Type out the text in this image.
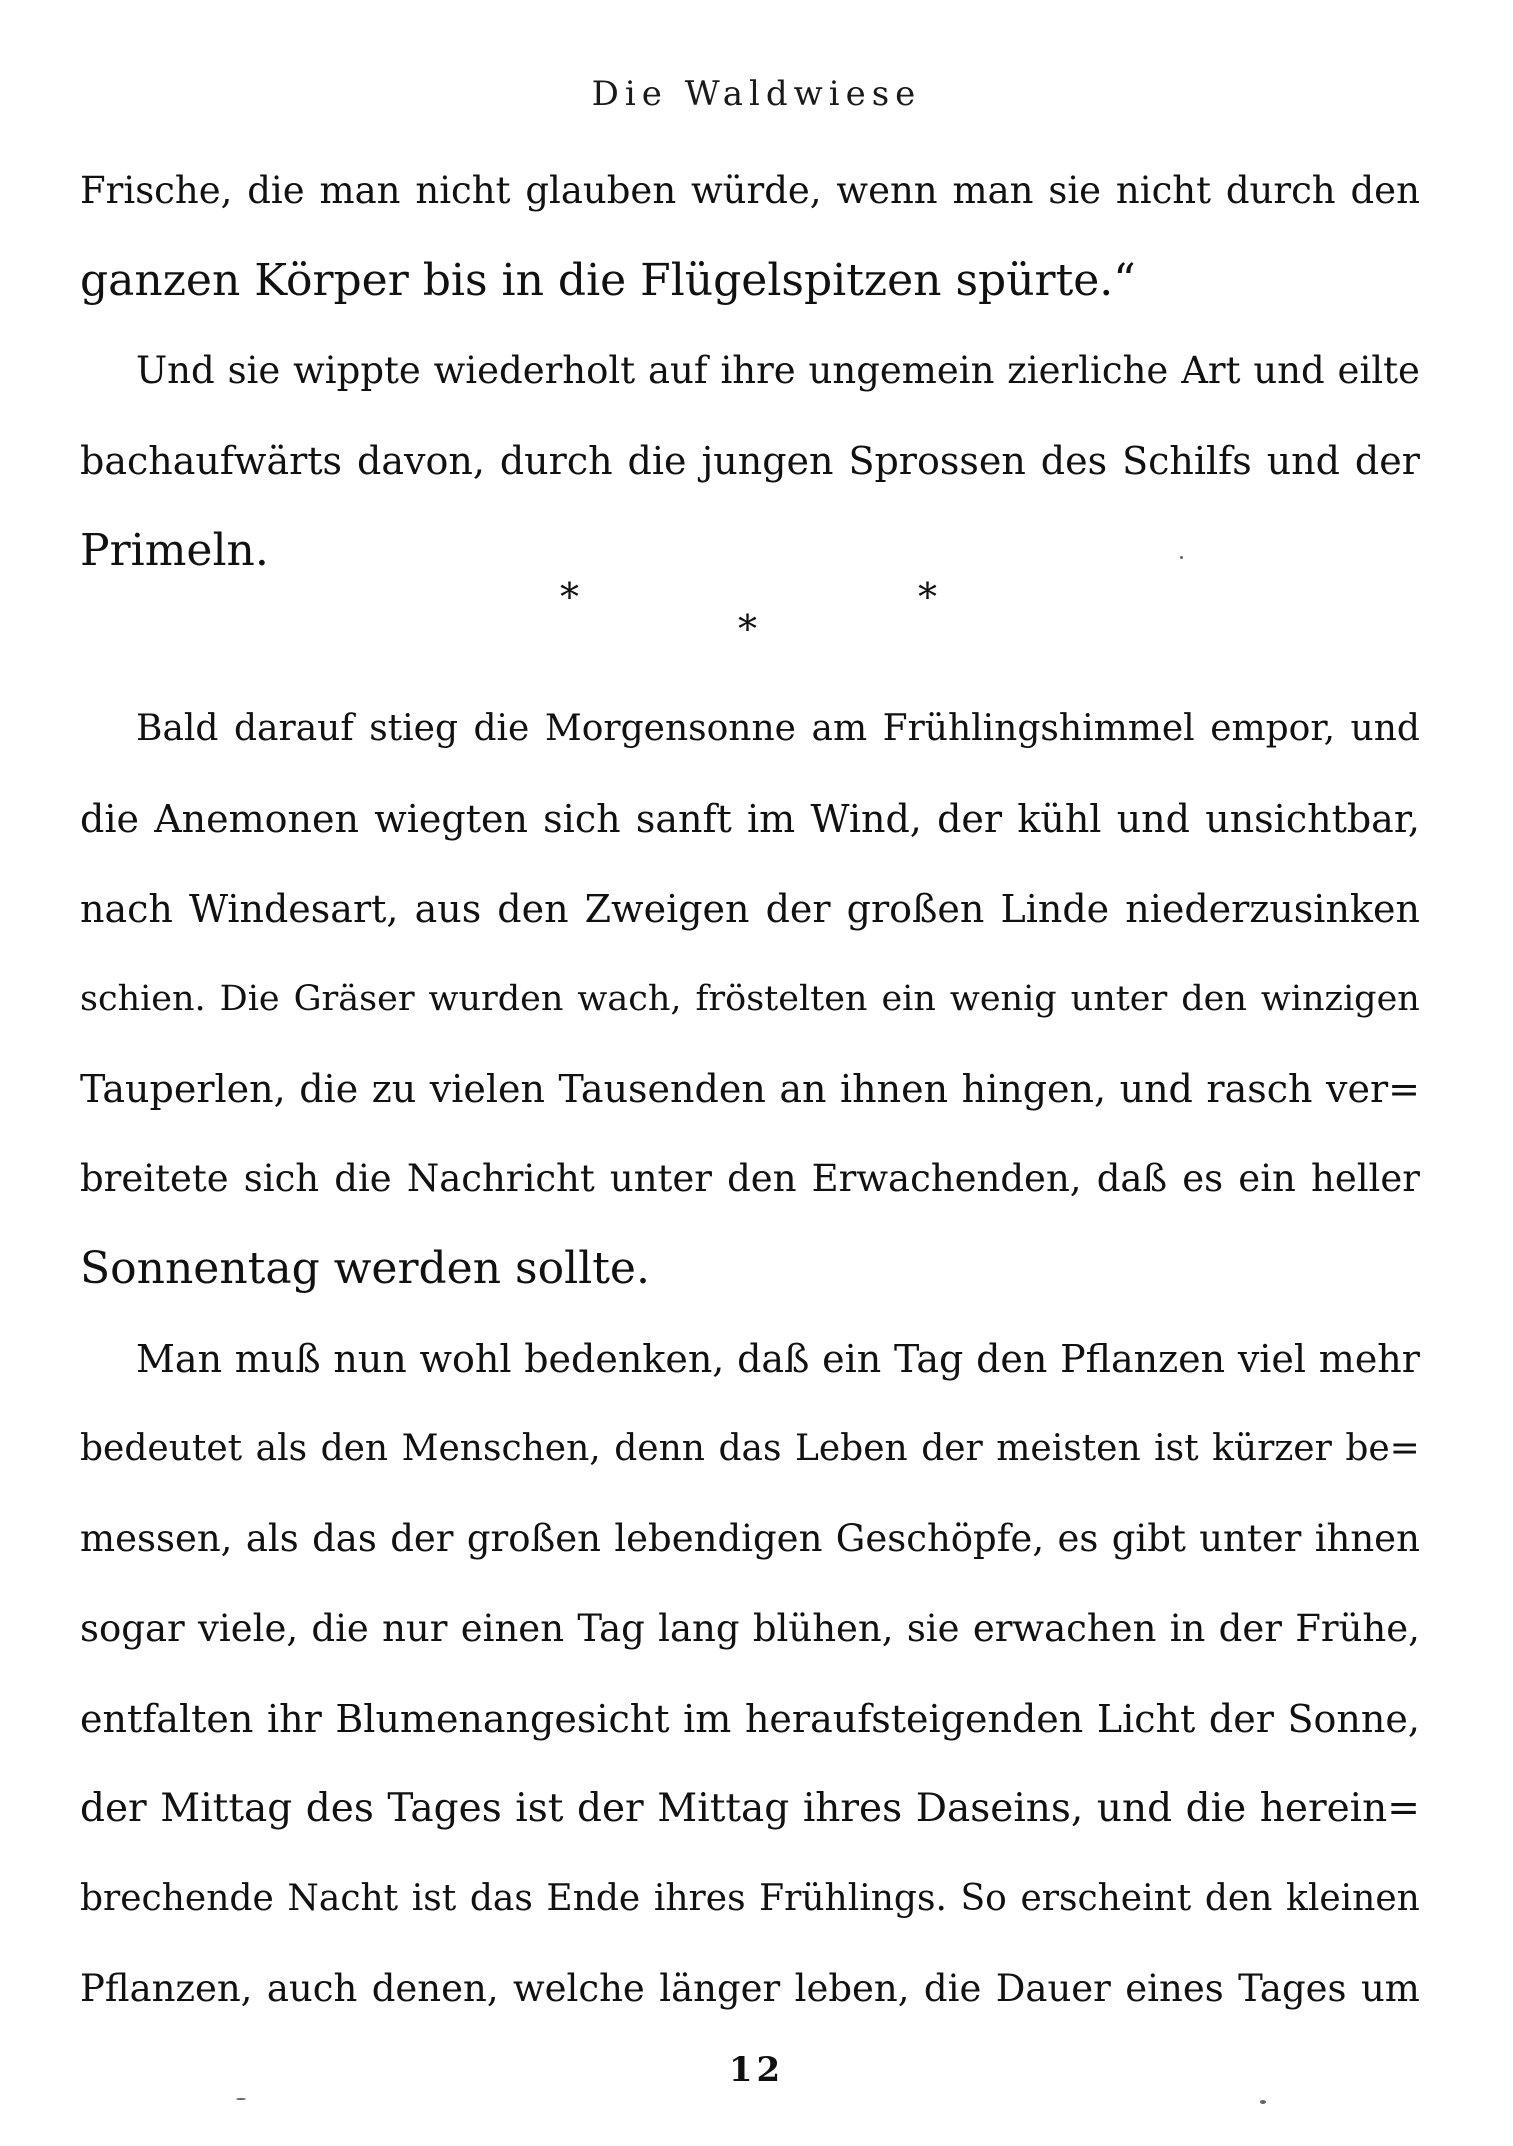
Die Waldwiese
Frische, die man nicht glauben würde, wenn man sie nicht durch den
ganzen Körper bis in die Flügelspitzen spürte.“
Und sie wippte wiederholt auf ihre ungemein zierliche Art und eilte
bachaufwärts davon, durch die jungen Sprossen des Schilfs und der
Primeln.
*
*
*
Bald darauf stieg die Morgensonne am Frühlingshimmel empor, und
die Anemonen wiegten sich sanft im Wind, der kühl und unsichtbar,
nach Windesart, aus den Zweigen der großen Linde niederzusinken
schien. Die Gräser wurden wach, fröstelten ein wenig unter den winzigen
Tauperlen, die zu vielen Tausenden an ihnen hingen, und rasch ver=
breitete sich die Nachricht unter den Erwachenden, daß es ein heller
Sonnentag werden sollte.
Man muß nun wohl bedenken, daß ein Tag den Pflanzen viel mehr
bedeutet als den Menschen, denn das Leben der meisten ist kürzer be=
messen, als das der großen lebendigen Geschöpfe, es gibt unter ihnen
sogar viele, die nur einen Tag lang blühen, sie erwachen in der Frühe,
entfalten ihr Blumenangesicht im heraufsteigenden Licht der Sonne,
der Mittag des Tages ist der Mittag ihres Daseins, und die herein=
brechende Nacht ist das Ende ihres Frühlings. So erscheint den kleinen
Pflanzen, auch denen, welche länger leben, die Dauer eines Tages um
12
